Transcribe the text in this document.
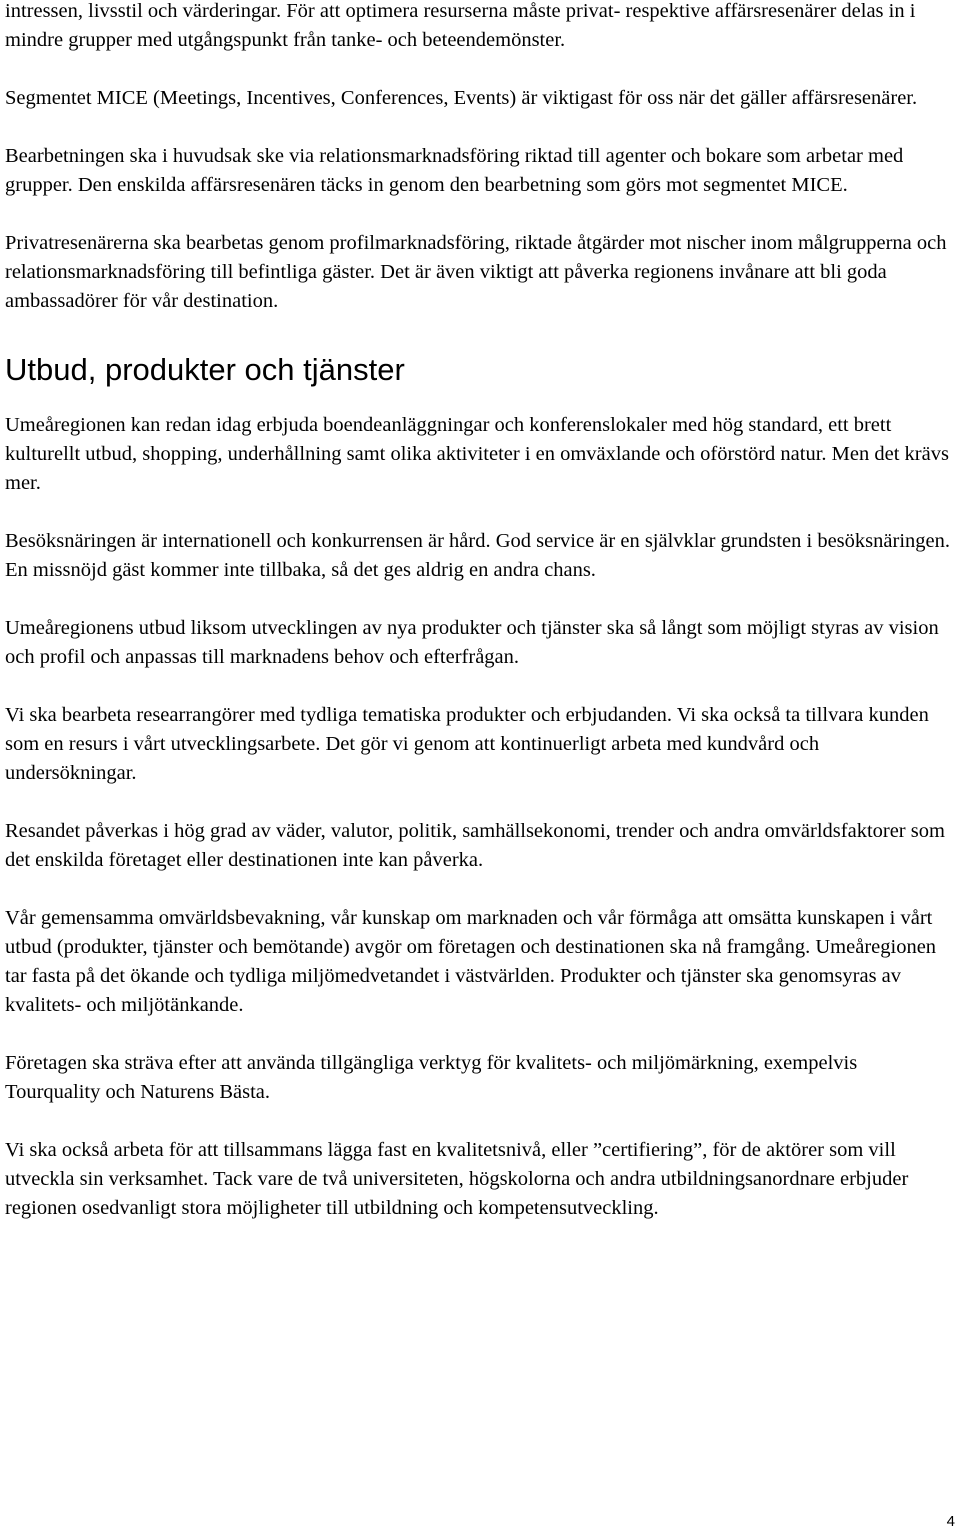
intressen, livsstil och värderingar. För att optimera resurserna måste privat- respektive affärsresenärer delas in i mindre grupper med utgångspunkt från tanke- och beteendemönster.

Segmentet MICE (Meetings, Incentives, Conferences, Events) är viktigast för oss när det gäller affärsresenärer.

Bearbetningen ska i huvudsak ske via relationsmarknadsföring riktad till agenter och bokare som arbetar med grupper. Den enskilda affärsresenären täcks in genom den bearbetning som görs mot segmentet MICE.

Privatresenärerna ska bearbetas genom profilmarknadsföring, riktade åtgärder mot nischer inom målgrupperna och relationsmarknadsföring till befintliga gäster. Det är även viktigt att påverka regionens invånare att bli goda ambassadörer för vår destination.

Utbud, produkter och tjänster

Umeåregionen kan redan idag erbjuda boendeanläggningar och konferenslokaler med hög standard, ett brett kulturellt utbud, shopping, underhållning samt olika aktiviteter i en omväxlande och oförstörd natur. Men det krävs mer.

Besöksnäringen är internationell och konkurrensen är hård. God service är en självklar grundsten i besöksnäringen. En missnöjd gäst kommer inte tillbaka, så det ges aldrig en andra chans.

Umeåregionens utbud liksom utvecklingen av nya produkter och tjänster ska så långt som möjligt styras av vision och profil och anpassas till marknadens behov och efterfrågan.

Vi ska bearbeta researrangörer med tydliga tematiska produkter och erbjudanden. Vi ska också ta tillvara kunden som en resurs i vårt utvecklingsarbete. Det gör vi genom att kontinuerligt arbeta med kundvård och undersökningar.

Resandet påverkas i hög grad av väder, valutor, politik, samhällsekonomi, trender och andra omvärldsfaktorer som det enskilda företaget eller destinationen inte kan påverka.

Vår gemensamma omvärldsbevakning, vår kunskap om marknaden och vår förmåga att omsätta kunskapen i vårt utbud (produkter, tjänster och bemötande) avgör om företagen och destinationen ska nå framgång. Umeåregionen tar fasta på det ökande och tydliga miljömedvetandet i västvärlden. Produkter och tjänster ska genomsyras av kvalitets- och miljötänkande.

Företagen ska sträva efter att använda tillgängliga verktyg för kvalitets- och miljömärkning, exempelvis Tourquality och Naturens Bästa.

Vi ska också arbeta för att tillsammans lägga fast en kvalitetsnivå, eller ”certifiering”, för de aktörer som vill utveckla sin verksamhet. Tack vare de två universiteten, högskolorna och andra utbildningsanordnare erbjuder regionen osedvanligt stora möjligheter till utbildning och kompetensutveckling.

4
